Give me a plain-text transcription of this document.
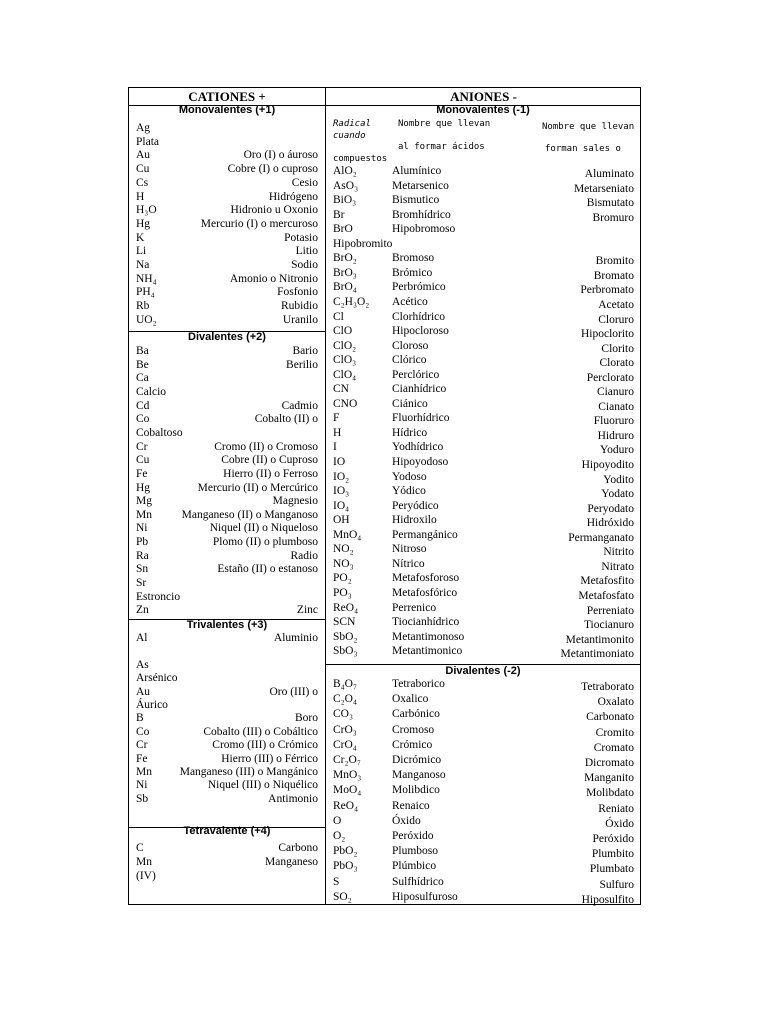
CATIONES +	ANIONES -
Monovalentes (+1)
Ag
Plata
Au	Oro (I) o áuroso
Cu	Cobre (I) o cuproso
Cs	Cesio
H	Hidrógeno
H₃O	Hidronio u Oxonio
Hg	Mercurio (I) o mercuroso
K	Potasio
Li	Litio
Na	Sodio
NH₄	Amonio o Nitronio
PH₄	Fosfonio
Rb	Rubidio
UO₂	Uranilo
Divalentes (+2)
Ba	Bario
Be	Berilio
Ca
Calcio
Cd	Cadmio
Co	Cobalto (II) o
Cobaltoso
Cr	Cromo (II) o Cromoso
Cu	Cobre (II) o Cuproso
Fe	Hierro (II) o Ferroso
Hg	Mercurio (II) o Mercúrico
Mg	Magnesio
Mn	Manganeso (II) o Manganoso
Ni	Niquel (II) o Niqueloso
Pb	Plomo (II) o plumboso
Ra	Radio
Sn	Estaño (II) o estanoso
Sr
Estroncio
Zn	Zinc
Trivalentes (+3)
Al	Aluminio
As
Arsénico
Au	Oro (III) o
Áurico
B	Boro
Co	Cobalto (III) o Cobáltico
Cr	Cromo (III) o Crómico
Fe	Hierro (III) o Férrico
Mn	Manganeso (III) o Mangánico
Ni	Niquel (III) o Niquélico
Sb	Antimonio
Tetravalente (+4)
C	Carbono
Mn	Manganeso
(IV)
Monovalentes (-1)
Radical cuando
Nombre que llevan
al formar ácidos
compuestos
Nombre que llevan
forman sales o
AlO₂	Alumínico	Aluminato
AsO₃	Metarsenico	Metarseniato
BiO₃	Bismutico	Bismutato
Br	Bromhídrico	Bromuro
BrO	Hipobromoso
Hipobromito
BrO₂	Bromoso	Bromito
BrO₃	Brómico	Bromato
BrO₄	Perbrómico	Perbromato
C₂H₃O₂ Acético	Acetato
Cl	Clorhídrico	Cloruro
ClO	Hipocloroso	Hipoclorito
ClO₂	Cloroso	Clorito
ClO₃	Clórico	Clorato
ClO₄	Perclórico	Perclorato
CN	Cianhídrico	Cianuro
CNO	Ciánico	Cianato
F	Fluorhídrico	Fluoruro
H	Hídrico	Hidruro
I	Yodhídrico	Yoduro
IO	Hipoyodoso	Hipoyodito
IO₂	Yodoso	Yodito
IO₃	Yódico	Yodato
IO₄	Peryódico	Peryodato
OH	Hidroxilo	Hidróxido
MnO₄	Permangánico	Permanganato
NO₂	Nitroso	Nitrito
NO₃	Nítrico	Nitrato
PO₂	Metafosforoso	Metafosfito
PO₃	Metafosfórico	Metafosfato
ReO₄	Perrenico	Perreniato
SCN	Tiocianhídrico	Tiocianuro
SbO₂	Metantimonoso	Metantimonito
SbO₃	Metantimonico	Metantimoniato
Divalentes (-2)
B₄O₇	Tetraborico	Tetraborato
C₂O₄	Oxalico	Oxalato
CO₃	Carbónico	Carbonato
CrO₃	Cromoso	Cromito
CrO₄	Crómico	Cromato
Cr₂O₇	Dicrómico	Dicromato
MnO₃	Manganoso	Manganito
MoO₄	Molibdico	Molibdato
ReO₄	Renaico	Reniato
O	Óxido	Óxido
O₂	Peróxido	Peróxido
PbO₂	Plumboso	Plumbito
PbO₃	Plúmbico	Plumbato
S	Sulfhídrico	Sulfuro
SO₂	Hiposulfuroso	Hiposulfito
